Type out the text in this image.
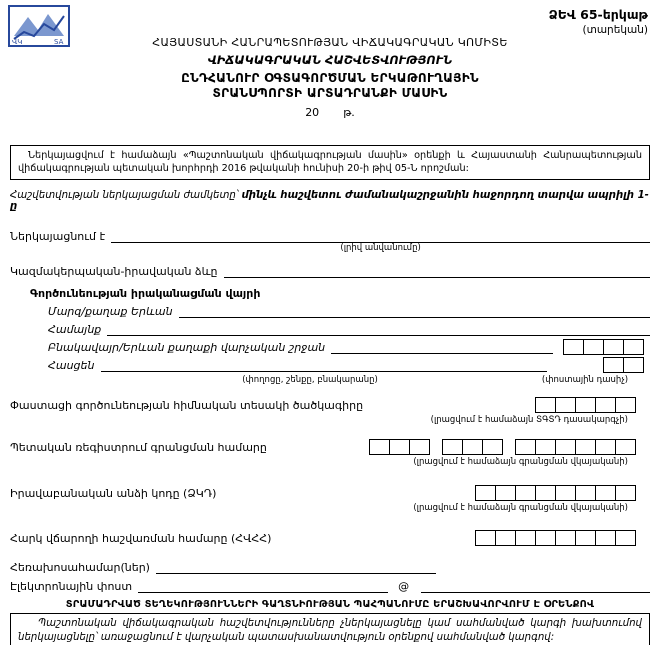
ՎԿ	SA
ՁԵՎ 65-երկաթ
(տարեկան)
ՀԱՅԱՍՏԱՆԻ ՀԱՆՐԱՊԵՏՈՒԹՅԱՆ ՎԻՃԱԿԱԳՐԱԿԱՆ ԿՈՄԻՏԵ
ՎԻՃԱԿԱԳՐԱԿԱՆ ՀԱՇՎԵՏՎՈՒԹՅՈՒՆ
ԸՆԴՀԱՆՈՒՐ ՕԳՏԱԳՈՐԾՄԱՆ ԵՐԿԱԹՈՒՂԱՅԻՆ
ՏՐԱՆՍՊՈՐՏԻ ԱՐՏԱԴՐԱՆՔԻ ՄԱՍԻՆ
20 թ.
Ներկայացվում է համաձայն «Պաշտոնական վիճակագրության մասին» օրենքի և Հայաստանի Հանրապետության վիճակագրության պետական խորհրդի 2016 թվականի հունիսի 20-ի թիվ 05-Ն որոշման:
Հաշվետվության ներկայացման ժամկետը՝ մինչև հաշվետու ժամանակաշրջանին հաջորդող տարվա ապրիլի 1-ը
Ներկայացնում է
(լրիվ անվանումը)
Կազմակերպական-իրավական ձևը
Գործունեության իրականացման վայրի
Մարզ/քաղաք Երևան
Համայնք
Բնակավայր/Երևան քաղաքի վարչական շրջան
Հասցեն
(փողոցը, շենքը, բնակարանը)	(փոստային դասիչ)
Փաստացի գործունեության հիմնական տեսակի ծածկագիրը
(լրացվում է համաձայն ՏԳՏԴ դասակարգչի)
Պետական ռեգիստրում գրանցման համարը
(լրացվում է համաձայն գրանցման վկայականի)
Իրավաբանական անձի կոդը (ՁԿԴ)
(լրացվում է համաձայն գրանցման վկայականի)
Հարկ վճարողի հաշվառման համարը (ՀՎՀՀ)
Հեռախոսահամար(ներ)
Էլեկտրոնային փոստ	@
ՏՐԱՄԱԴՐՎԱԾ ՏԵՂԵԿՈՒԹՅՈՒՆՆԵՐԻ ԳԱՂՏՆԻՈՒԹՅԱՆ ՊԱՀՊԱՆՈՒՄԸ ԵՐԱՇԽԱՎՈՐՎՈՒՄ Է ՕՐԵՆՔՈՎ
Պաշտոնական վիճակագրական հաշվետվությունները չներկայացնելը կամ սահմանված կարգի խախտումով ներկայացնելը՝ առաջացնում է վարչական պատասխանատվություն օրենքով սահմանված կարգով:
